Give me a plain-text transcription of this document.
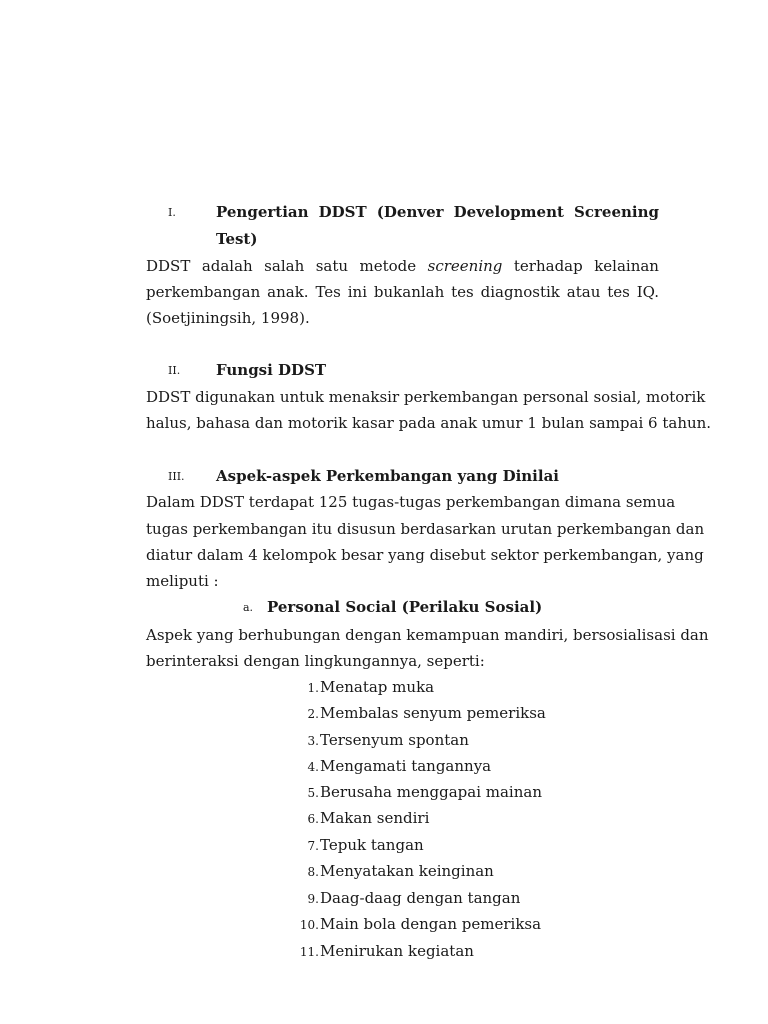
I.	Pengertian DDST (Denver Development Screening
Test)
DDST adalah salah satu metode screening terhadap kelainan
perkembangan anak. Tes ini bukanlah tes diagnostik atau tes IQ.
(Soetjiningsih, 1998).
II. Fungsi DDST
DDST digunakan untuk menaksir perkembangan personal sosial, motorik
halus, bahasa dan motorik kasar pada anak umur 1 bulan sampai 6 tahun.
III. Aspek-aspek Perkembangan yang Dinilai
Dalam DDST terdapat 125 tugas-tugas perkembangan dimana semua
tugas perkembangan itu disusun berdasarkan urutan perkembangan dan
diatur dalam 4 kelompok besar yang disebut sektor perkembangan, yang
meliputi :
a. Personal Social (Perilaku Sosial)
Aspek yang berhubungan dengan kemampuan mandiri, bersosialisasi dan
berinteraksi dengan lingkungannya, seperti:
1. Menatap muka
2. Membalas senyum pemeriksa
3. Tersenyum spontan
4. Mengamati tangannya
5. Berusaha menggapai mainan
6. Makan sendiri
7. Tepuk tangan
8. Menyatakan keinginan
9. Daag-daag dengan tangan
10. Main bola dengan pemeriksa
11. Menirukan kegiatan
